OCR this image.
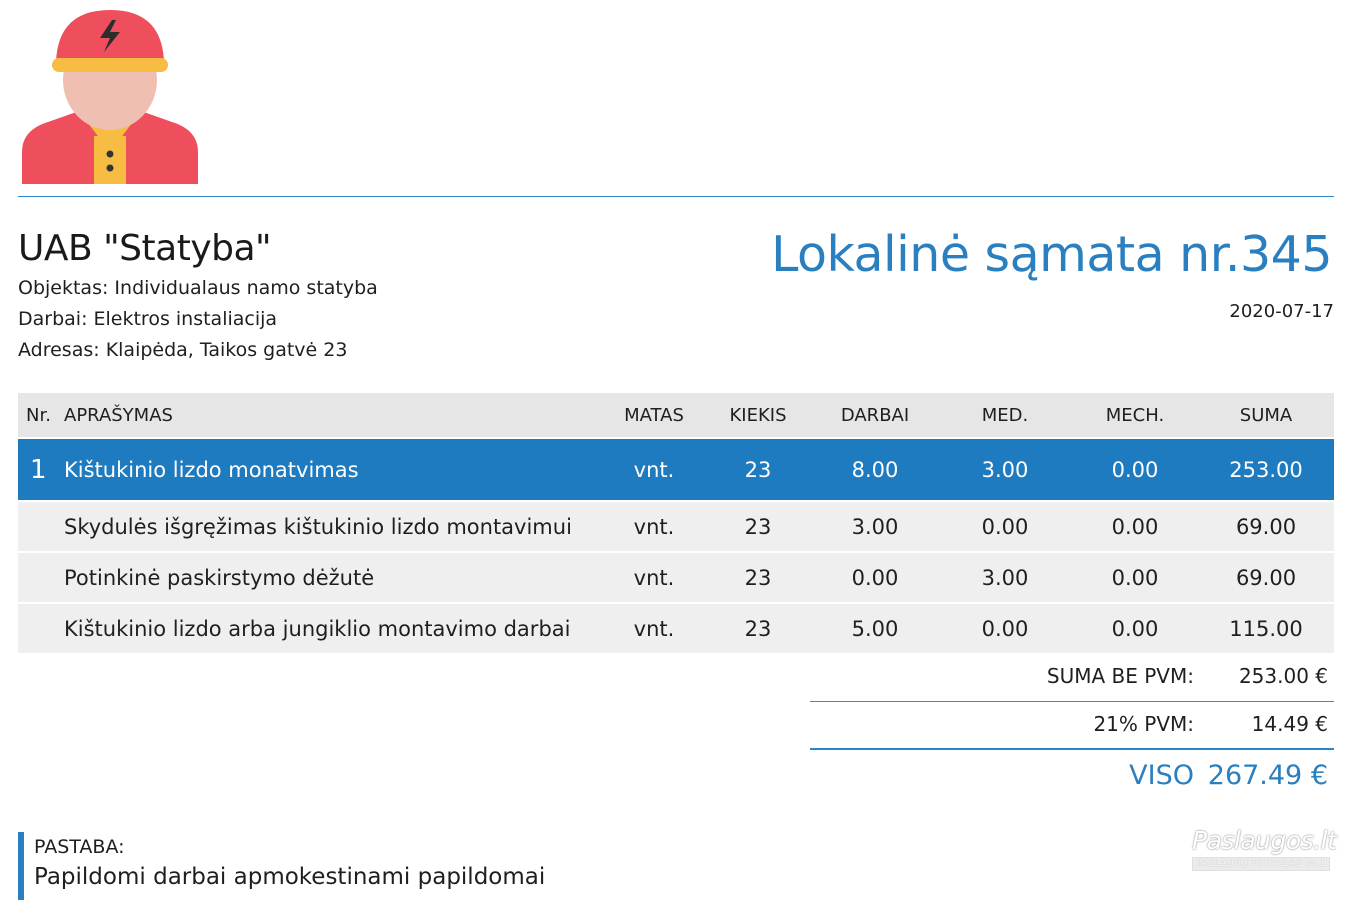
UAB "Statyba"
Objektas: Individualaus namo statyba
Darbai: Elektros instaliacija
Adresas: Klaipėda, Taikos gatvė 23
Lokalinė sąmata nr.345
2020-07-17
Nr.	APRAŠYMAS	MATAS	KIEKIS	DARBAI	MED.	MECH.	SUMA
1	Kištukinio lizdo monatvimas	vnt.	23	8.00	3.00	0.00	253.00
	Skydulės išgręžimas kištukinio lizdo montavimui	vnt.	23	3.00	0.00	0.00	69.00
	Potinkinė paskirstymo dėžutė	vnt.	23	0.00	3.00	0.00	69.00
	Kištukinio lizdo arba jungiklio montavimo darbai	vnt.	23	5.00	0.00	0.00	115.00
SUMA BE PVM: 253.00 €
21% PVM:	14.49 €
VISO 267.49 €
PASTABA:
Papildomi darbai apmokestinami papildomai
Paslaugos.lt
PASLAUGŲ PORTALAS Nr.1
